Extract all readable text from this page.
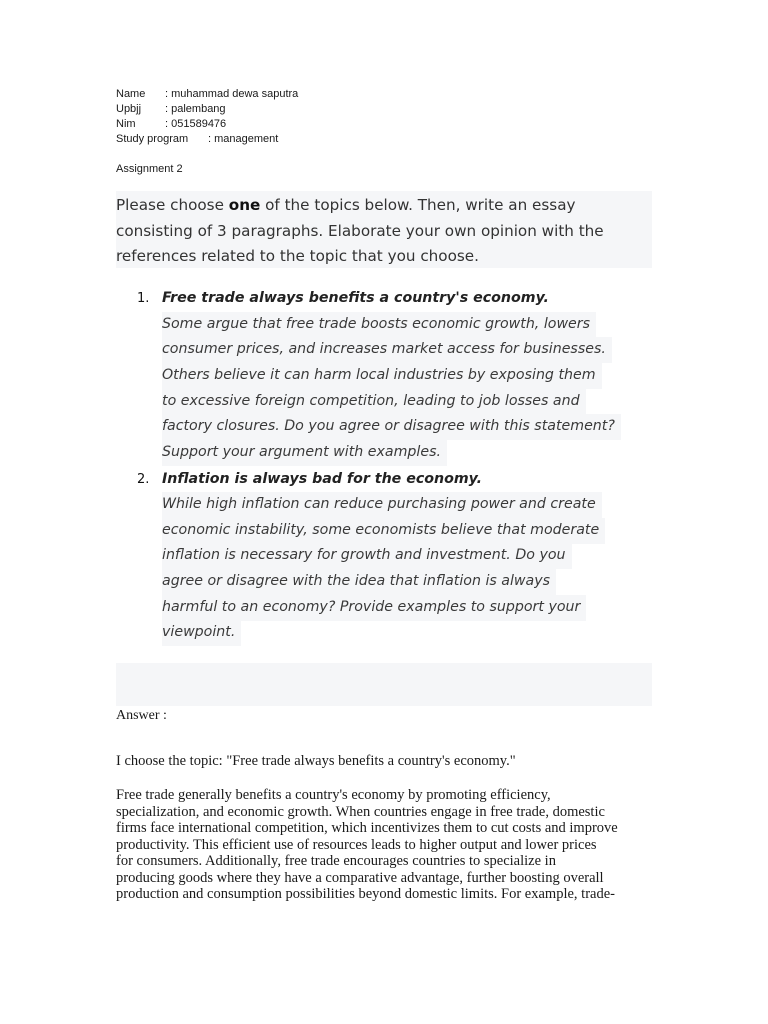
Name : muhammad dewa saputra
Upbjj : palembang
Nim	: 051589476
Study program : management
Assignment 2
Please choose one of the topics below. Then, write an essay consisting of 3 paragraphs. Elaborate your own opinion with the references related to the topic that you choose.
1. Free trade always benefits a country's economy.
Some argue that free trade boosts economic growth, lowers
consumer prices, and increases market access for businesses.
Others believe it can harm local industries by exposing them
to excessive foreign competition, leading to job losses and
factory closures. Do you agree or disagree with this statement?
Support your argument with examples.
2. Inflation is always bad for the economy.
While high inflation can reduce purchasing power and create
economic instability, some economists believe that moderate
inflation is necessary for growth and investment. Do you
agree or disagree with the idea that inflation is always
harmful to an economy? Provide examples to support your
viewpoint.
Answer :
I choose the topic: "Free trade always benefits a country's economy."
Free trade generally benefits a country's economy by promoting efficiency,
specialization, and economic growth. When countries engage in free trade, domestic
firms face international competition, which incentivizes them to cut costs and improve
productivity. This efficient use of resources leads to higher output and lower prices
for consumers. Additionally, free trade encourages countries to specialize in
producing goods where they have a comparative advantage, further boosting overall
production and consumption possibilities beyond domestic limits. For example, trade-
